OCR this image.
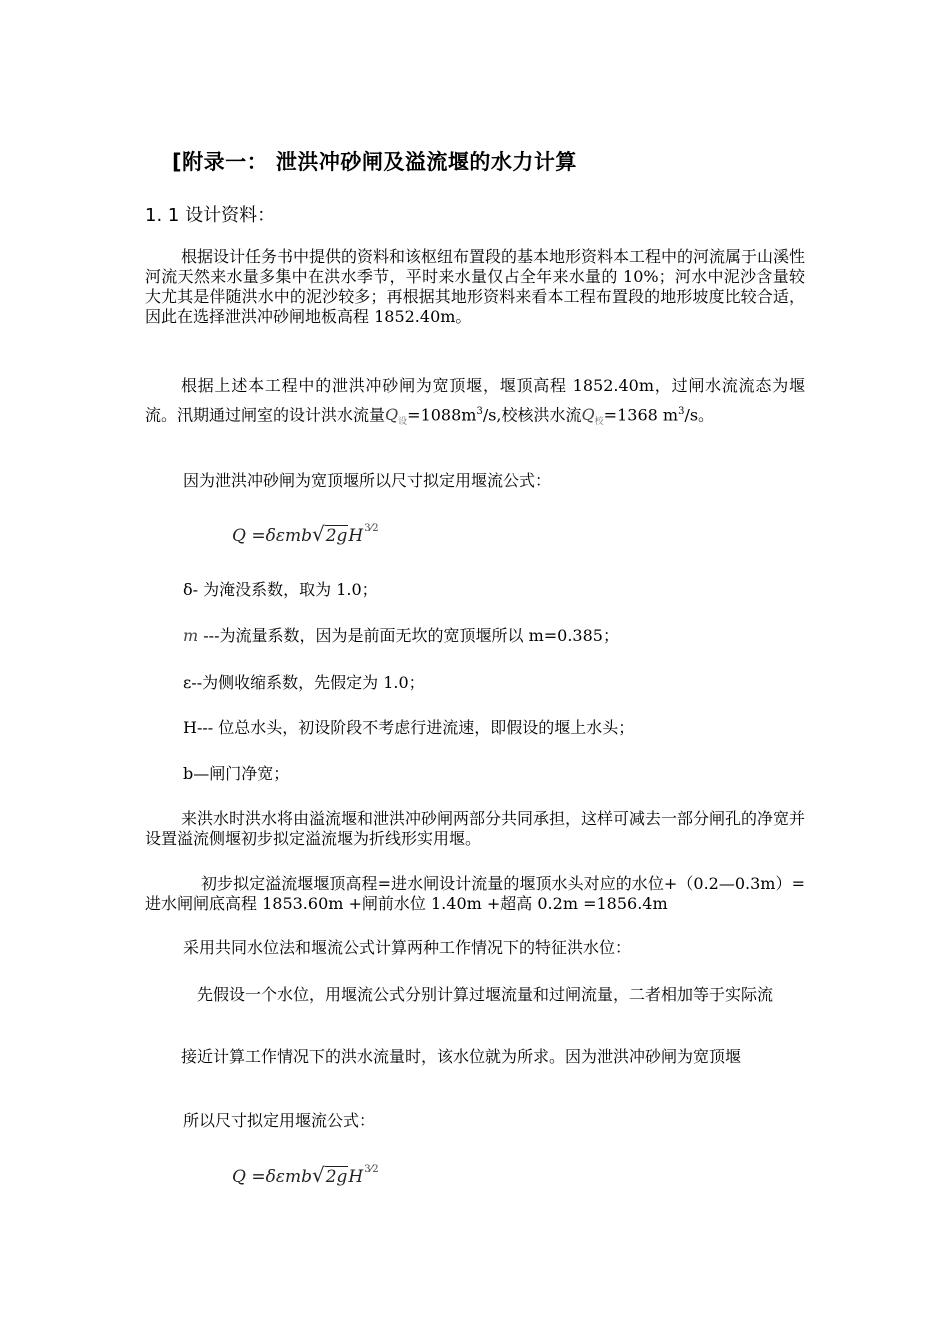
[附录一： 泄洪冲砂闸及溢流堰的水力计算
1. 1 设计资料：
根据设计任务书中提供的资料和该枢纽布置段的基本地形资料本工程中的河流属于山溪性河流天然来水量多集中在洪水季节，平时来水量仅占全年来水量的 10%；河水中泥沙含量较大尤其是伴随洪水中的泥沙较多；再根据其地形资料来看本工程布置段的地形坡度比较合适，因此在选择泄洪冲砂闸地板高程 1852.40m。
根据上述本工程中的泄洪冲砂闸为宽顶堰，堰顶高程 1852.40m，过闸水流流态为堰流。汛期通过闸室的设计洪水流量$Q_设=1088m^3/s$,校核洪水流$Q_校=1368$ $m^3/s$。
因为泄洪冲砂闸为宽顶堰所以尺寸拟定用堰流公式：
$Q =\delta\varepsilon mb√2gH^{3⁄2}$
δ- 为淹没系数，取为 1.0；
m ---为流量系数，因为是前面无坎的宽顶堰所以 m=0.385；
ε--为侧收缩系数，先假定为 1.0；
H--- 位总水头，初设阶段不考虑行进流速，即假设的堰上水头；
b—闸门净宽；
来洪水时洪水将由溢流堰和泄洪冲砂闸两部分共同承担，这样可减去一部分闸孔的净宽并设置溢流侧堰初步拟定溢流堰为折线形实用堰。
初步拟定溢流堰堰顶高程=进水闸设计流量的堰顶水头对应的水位+（0.2—0.3m）=进水闸闸底高程 1853.60m +闸前水位 1.40m +超高 0.2m =1856.4m
采用共同水位法和堰流公式计算两种工作情况下的特征洪水位：
先假设一个水位，用堰流公式分别计算过堰流量和过闸流量，二者相加等于实际流
接近计算工作情况下的洪水流量时，该水位就为所求。因为泄洪冲砂闸为宽顶堰
所以尺寸拟定用堰流公式：
$Q =\delta\varepsilon mb√2gH^{3⁄2}$
